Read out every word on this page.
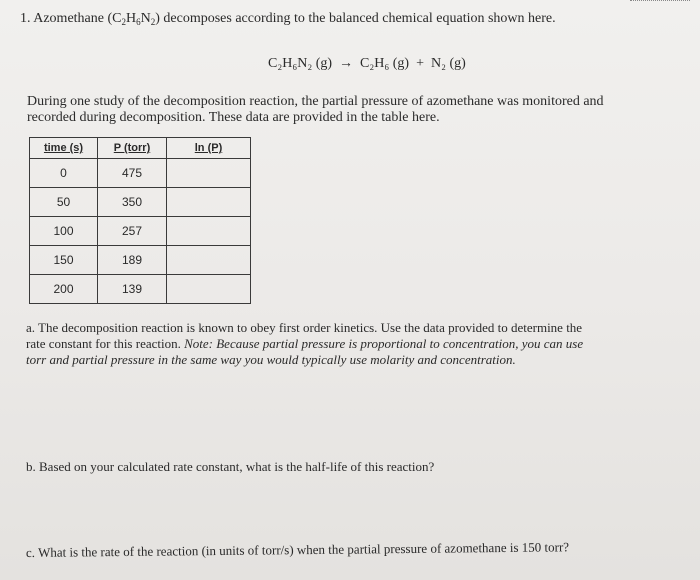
1. Azomethane $(C_2H_6N_2)$ decomposes according to the balanced chemical equation shown here.
C₂H₆N₂ (g) → C₂H₆ (g) + N₂ (g)
During one study of the decomposition reaction, the partial pressure of azomethane was monitored and
recorded during decomposition. These data are provided in the table here.
time (s)	P (torr)	ln (P)
0	475	
50	350	
100	257	
150	189	
200	139	
a. The decomposition reaction is known to obey first order kinetics. Use the data provided to determine the
rate constant for this reaction. Note: Because partial pressure is proportional to concentration, you can use
torr and partial pressure in the same way you would typically use molarity and concentration.
b. Based on your calculated rate constant, what is the half-life of this reaction?
c. What is the rate of the reaction (in units of torr/s) when the partial pressure of azomethane is 150 torr?
